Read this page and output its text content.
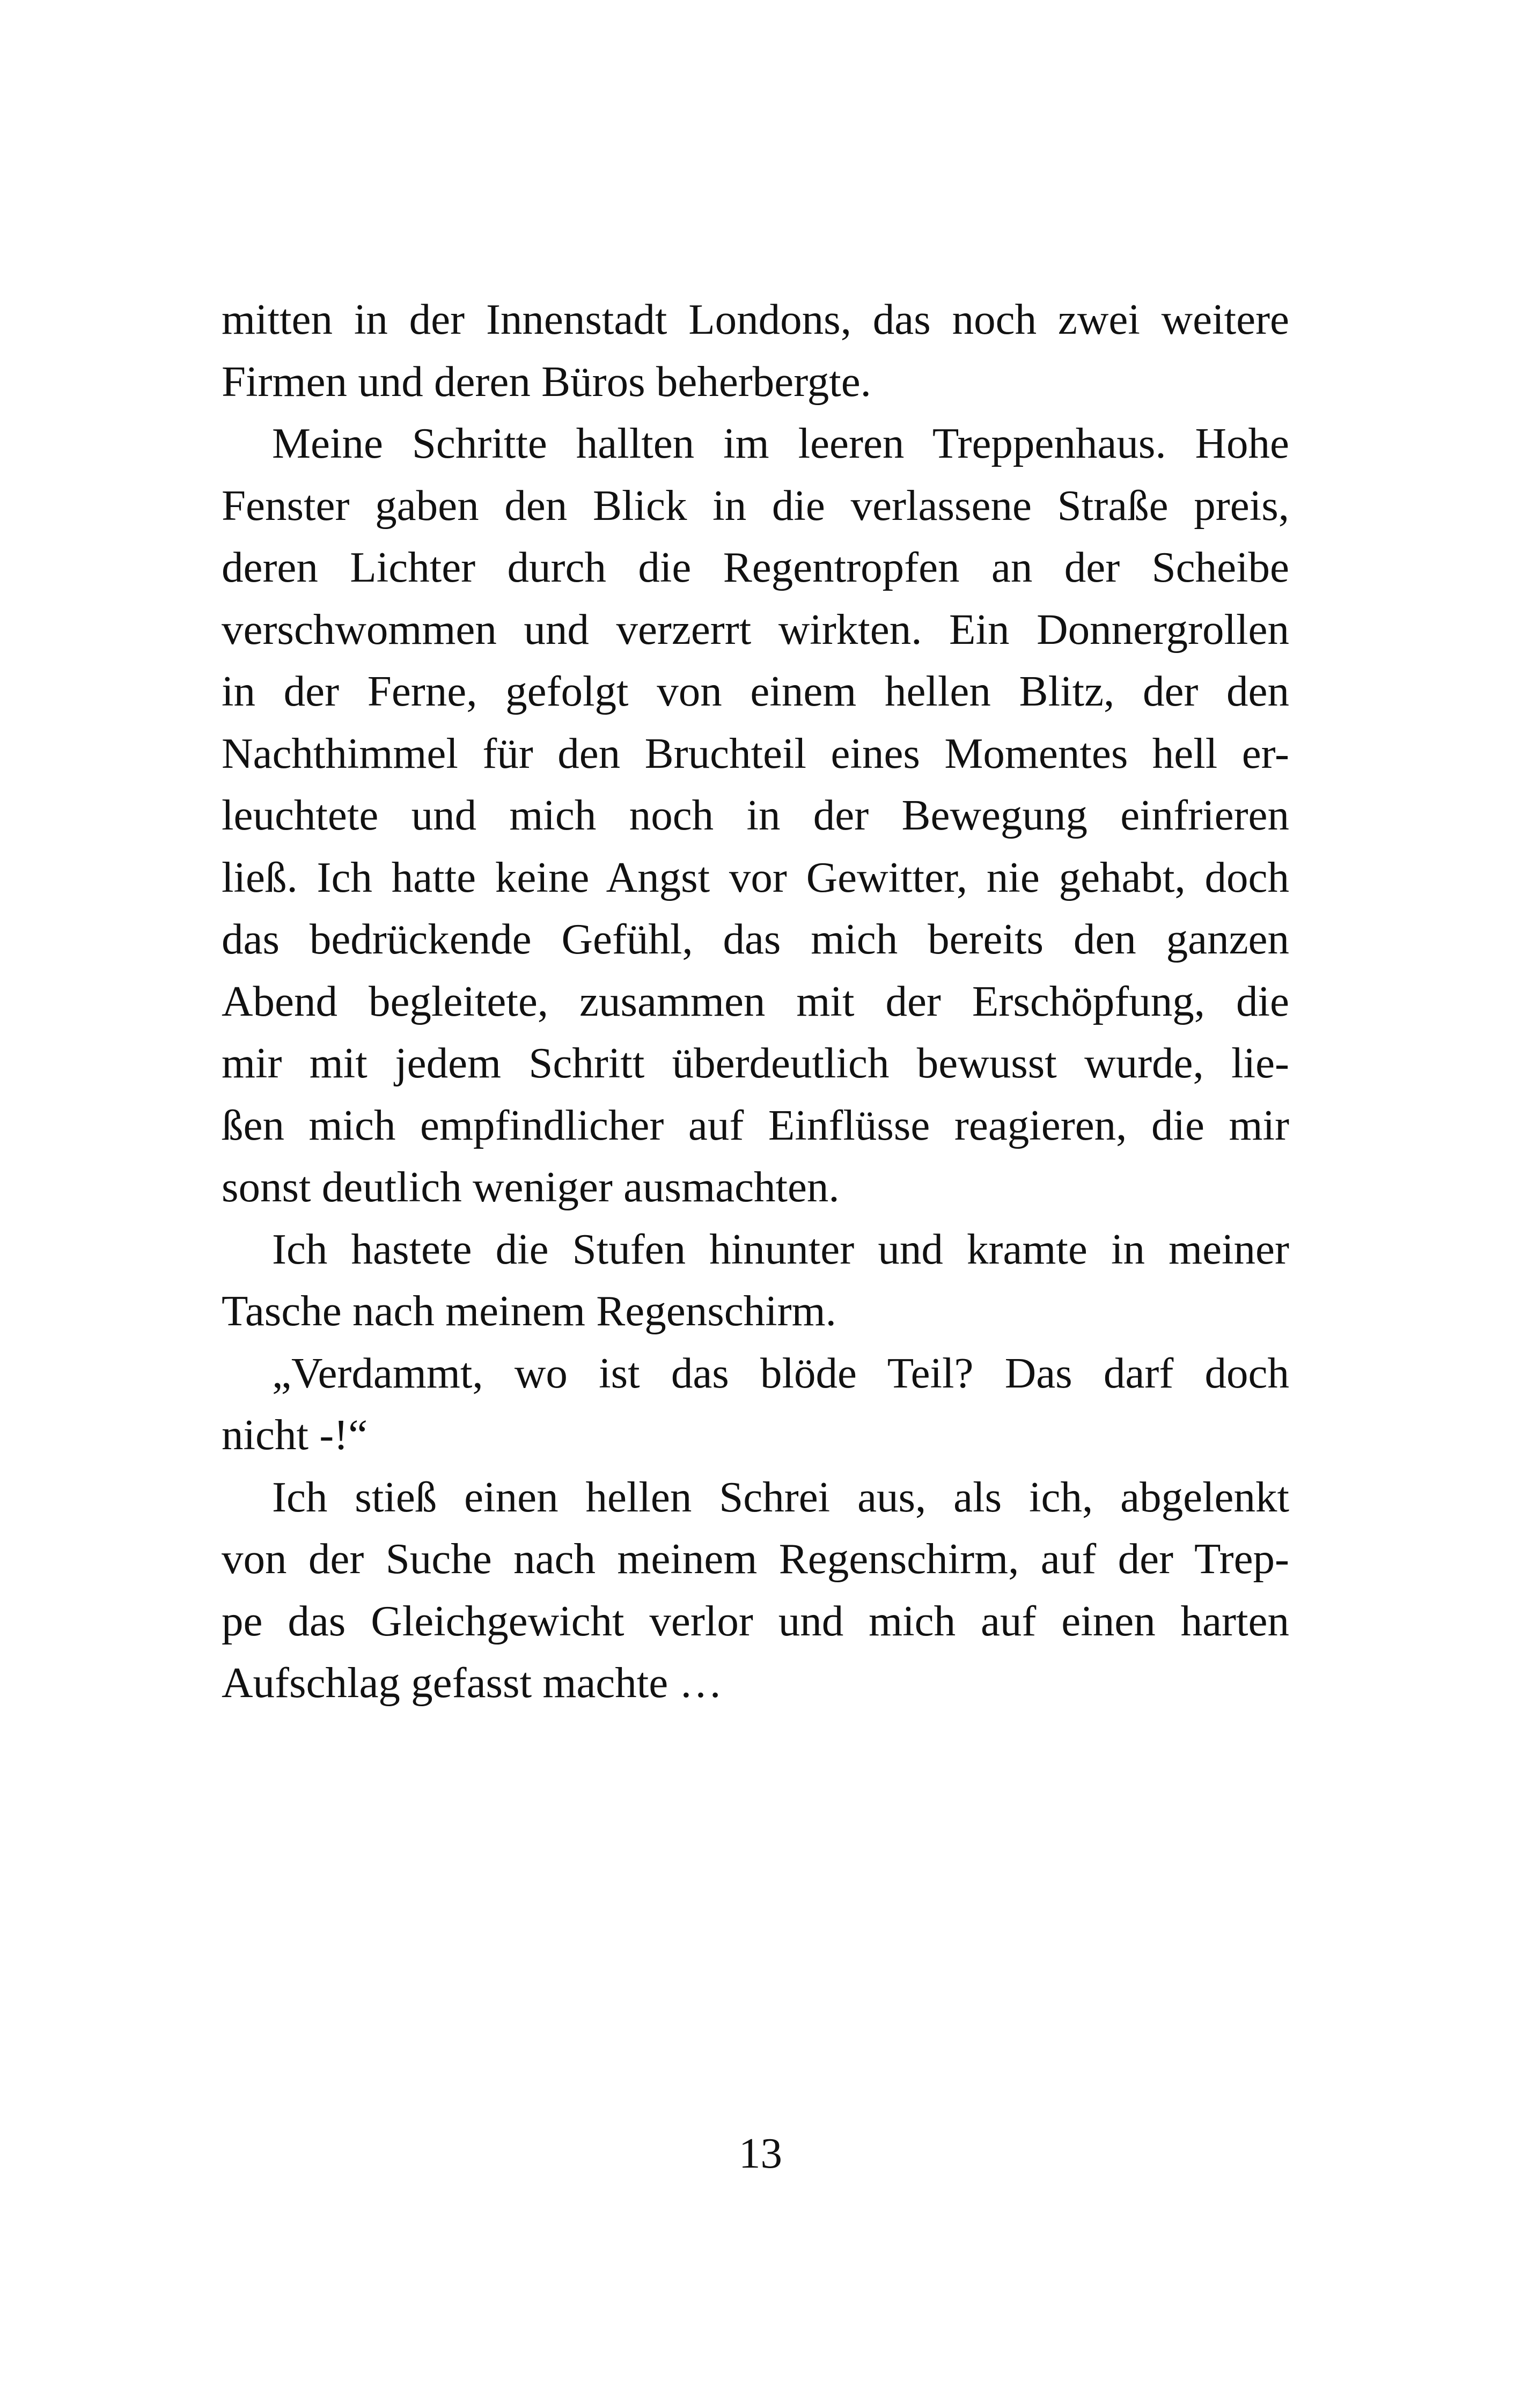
mitten in der Innenstadt Londons, das noch zwei weitere
Firmen und deren Büros beherbergte.
Meine Schritte hallten im leeren Treppenhaus. Hohe
Fenster gaben den Blick in die verlassene Straße preis,
deren Lichter durch die Regentropfen an der Scheibe
verschwommen und verzerrt wirkten. Ein Donnergrollen
in der Ferne, gefolgt von einem hellen Blitz, der den
Nachthimmel für den Bruchteil eines Momentes hell er-
leuchtete und mich noch in der Bewegung einfrieren
ließ. Ich hatte keine Angst vor Gewitter, nie gehabt, doch
das bedrückende Gefühl, das mich bereits den ganzen
Abend begleitete, zusammen mit der Erschöpfung, die
mir mit jedem Schritt überdeutlich bewusst wurde, lie-
ßen mich empfindlicher auf Einflüsse reagieren, die mir
sonst deutlich weniger ausmachten.
Ich hastete die Stufen hinunter und kramte in meiner
Tasche nach meinem Regenschirm.
„Verdammt, wo ist das blöde Teil? Das darf doch
nicht -!“
Ich stieß einen hellen Schrei aus, als ich, abgelenkt
von der Suche nach meinem Regenschirm, auf der Trep-
pe das Gleichgewicht verlor und mich auf einen harten
Aufschlag gefasst machte …
13
